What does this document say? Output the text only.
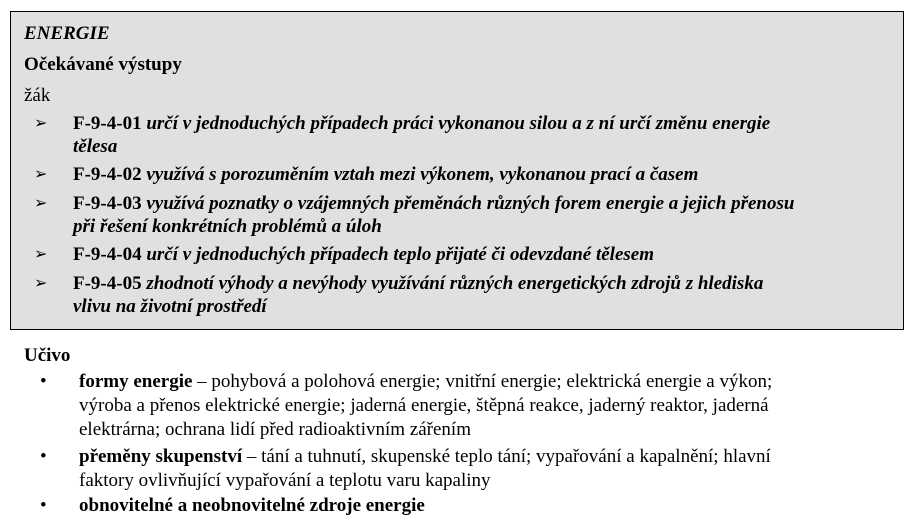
ENERGIE
Očekávané výstupy
žák
➢ F-9-4-01 určí v jednoduchých případech práci vykonanou silou a z ní určí změnu energie
tělesa
➢ F-9-4-02 využívá s porozuměním vztah mezi výkonem, vykonanou prací a časem
➢ F-9-4-03 využívá poznatky o vzájemných přeměnách různých forem energie a jejich přenosu
při řešení konkrétních problémů a úloh
➢ F-9-4-04 určí v jednoduchých případech teplo přijaté či odevzdané tělesem
➢ F-9-4-05 zhodnotí výhody a nevýhody využívání různých energetických zdrojů z hlediska
vlivu na životní prostředí
Učivo
• formy energie – pohybová a polohová energie; vnitřní energie; elektrická energie a výkon;
výroba a přenos elektrické energie; jaderná energie, štěpná reakce, jaderný reaktor, jaderná
elektrárna; ochrana lidí před radioaktivním zářením
• přeměny skupenství – tání a tuhnutí, skupenské teplo tání; vypařování a kapalnění; hlavní
faktory ovlivňující vypařování a teplotu varu kapaliny
• obnovitelné a neobnovitelné zdroje energie
